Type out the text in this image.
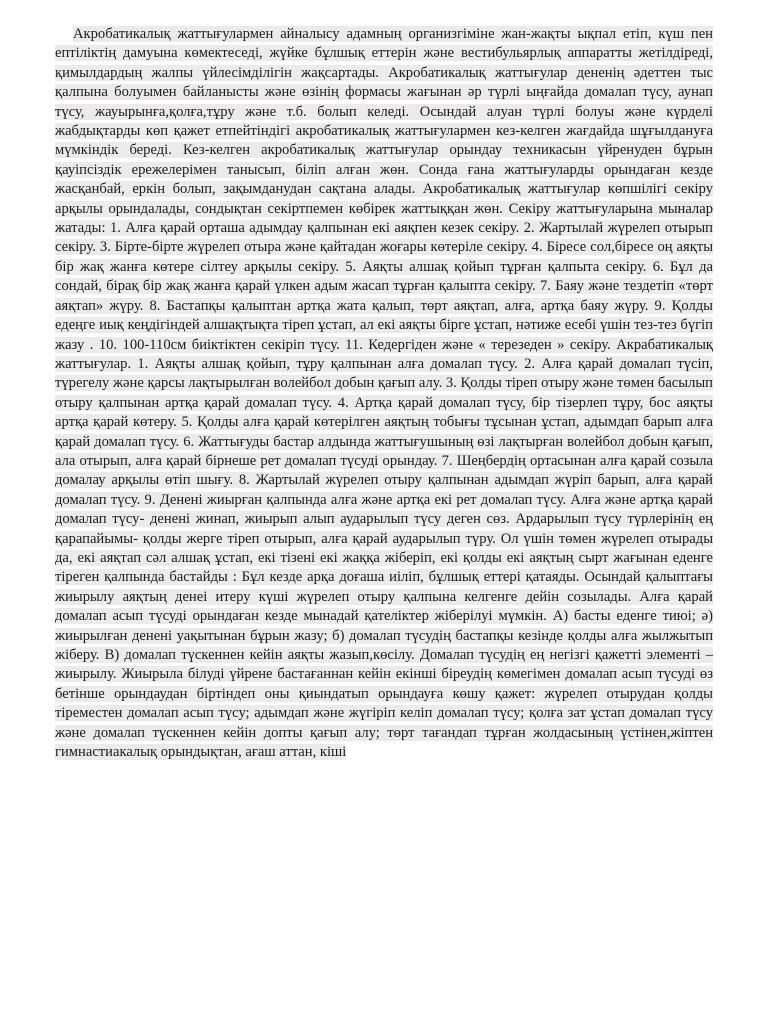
Акробатикалық жаттығулармен айналысу адамның организгіміне жан-жақты ықпал етіп, күш пен ептіліктің дамуына көмектеседі, жүйке бұлшық еттерін және вестибульярлық аппаратты жетілдіреді, қимылдардың жалпы үйлесімділігін жақсартады. Акробатикалық жаттығулар дененің әдеттен тыс қалпына болуымен байланысты және өзінің формасы жағынан әр түрлі ыңғайда домалап түсу, аунап түсу, жауырынға,қолға,тұру және т.б. болып келеді. Осындай алуан түрлі болуы және күрделі жабдықтарды көп қажет етпейтіндігі акробатикалық жаттығулармен кез-келген жағдайда шұғылдануға мүмкіндік береді. Кез-келген акробатикалық жаттығулар орындау техникасын үйренуден бұрын қауіпсіздік ережелерімен танысып, біліп алған жөн. Сонда ғана жаттығуларды орындаған кезде жасқанбай, еркін болып, зақымданудан сақтана алады. Акробатикалық жаттығулар көпшілігі секіру арқылы орындалады, сондықтан секіртпемен көбірек жаттыққан жөн. Секіру жаттығуларына мыналар жатады: 1. Алға қарай орташа адымдау қалпынан екі аяқпен кезек секіру. 2. Жартылай жүрелеп отырып секіру. 3. Бірте-бірте жүрелеп отыра және қайтадан жоғары көтеріле секіру. 4. Біресе сол,біресе оң аяқты бір жақ жанға көтере сілтеу арқылы секіру. 5. Аяқты алшақ қойып тұрған қалпыта секіру. 6. Бұл да сондай, бірақ бір жақ жанға қарай үлкен адым жасап тұрған қалыпта секіру. 7. Баяу және тездетіп «төрт аяқтап» жүру. 8. Бастапқы қалыптан артқа жата қалып, төрт аяқтап, алға, артқа баяу жүру. 9. Қолды едеңге иық кеңдігіндей алшақтықта тіреп ұстап, ал екі аяқты бірге ұстап, нәтиже есебі үшін тез-тез бүгіп жазу . 10. 100-110см биіктіктен секіріп түсу. 11. Кедергіден және « терезеден » секіру. Акрабатикалық жаттығулар. 1. Аяқты алшақ қойып, тұру қалпынан алға домалап түсу. 2. Алға қарай домалап түсіп, түрегелу және қарсы лақтырылған волейбол добын қағып алу. 3. Қолды тіреп отыру және төмен басылып отыру қалпынан артқа қарай домалап түсу. 4. Артқа қарай домалап түсу, бір тізерлеп тұру, бос аяқты артқа қарай көтеру. 5. Қолды алға қарай көтерілген аяқтың тобығы тұсынан ұстап, адымдап барып алға қарай домалап түсу. 6. Жаттығуды бастар алдында жаттығушының өзі лақтырған волейбол добын қағып, ала отырып, алға қарай бірнеше рет домалап түсуді орындау. 7. Шеңбердің ортасынан алға қарай созыла домалау арқылы өтіп шығу. 8. Жартылай жүрелеп отыру қалпынан адымдап жүріп барып, алға қарай домалап түсу. 9. Денені жиырған қалпында алға және артқа екі рет домалап түсу. Алға және артқа қарай домалап түсу- денені жинап, жиырып алып аударылып түсу деген сөз. Ардарылып түсу түрлерінің ең қарапайымы- қолды жерге тіреп отырып, алға қарай аударылып түру. Ол үшін төмен жүрелеп отырады да, екі аяқтап сәл алшақ ұстап, екі тізені екі жаққа жіберіп, екі қолды екі аяқтың сырт жағынан еденге тіреген қалпында бастайды : Бұл кезде арқа доғаша иіліп, бұлшық еттері қатаяды. Осындай қалыптағы жиырылу аяқтың денеі итеру күші жүрелеп отыру қалпына келгенге дейін созылады. Алға қарай домалап асып түсуді орындаған кезде мынадай қателіктер жіберілуі мүмкін. А) басты еденге тиюі; ә) жиырылған денені уақытынан бұрын жазу; б) домалап түсудің бастапқы кезінде қолды алға жылжытып жіберу. В) домалап түскеннен кейін аяқты жазып,көсілу. Домалап түсудің ең негізгі қажетті элементі –жиырылу. Жиырыла білуді үйрене бастағаннан кейін екінші біреудің көмегімен домалап асып түсуді өз бетінше орындаудан біртіндеп оны қиындатып орындауға көшу қажет: жүрелеп отырудан қолды тіреместен домалап асып түсу; адымдап және жүгіріп келіп домалап түсу; қолға зат ұстап домалап түсу және домалап түскеннен кейін допты қағып алу; төрт тағандап тұрған жолдасының үстінен,жіптен гимнастиакалық орындықтан, ағаш аттан, кіші
